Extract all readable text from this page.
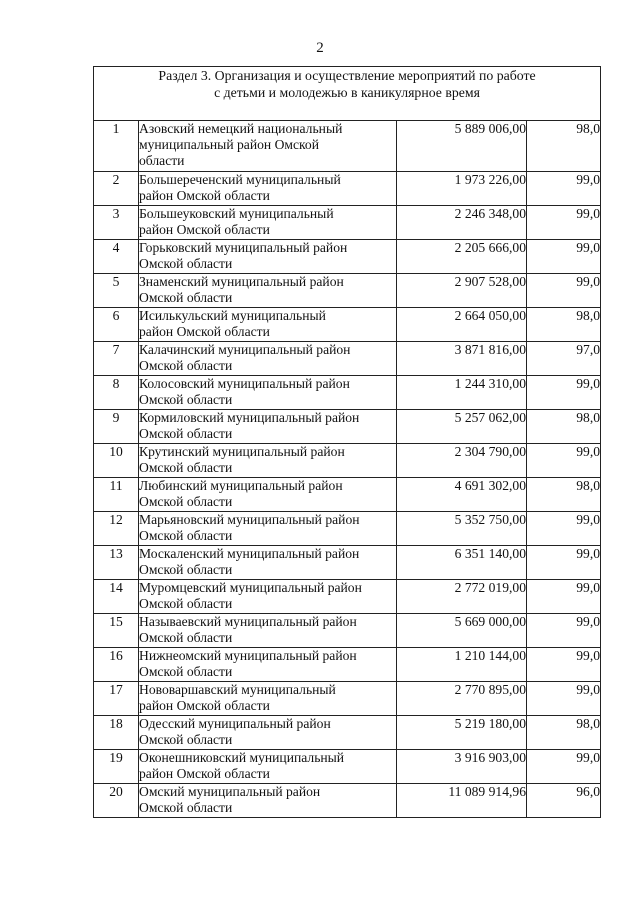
2
Раздел 3. Организация и осуществление мероприятий по работе
с детьми и молодежью в каникулярное время			

1	Азовский немецкий национальный
муниципальный район Омской
области	5 889 006,00	98,0
2	Большереченский муниципальный
район Омской области	1 973 226,00	99,0
3	Большеуковский муниципальный
район Омской области	2 246 348,00	99,0
4	Горьковский муниципальный район
Омской области	2 205 666,00	99,0
5	Знаменский муниципальный район
Омской области	2 907 528,00	99,0
6	Исилькульский муниципальный
район Омской области	2 664 050,00	98,0
7	Калачинский муниципальный район
Омской области	3 871 816,00	97,0
8	Колосовский муниципальный район
Омской области	1 244 310,00	99,0
9	Кормиловский муниципальный район
Омской области	5 257 062,00	98,0
10	Крутинский муниципальный район
Омской области	2 304 790,00	99,0
11	Любинский муниципальный район
Омской области	4 691 302,00	98,0
12	Марьяновский муниципальный район
Омской области	5 352 750,00	99,0
13	Москаленский муниципальный район
Омской области	6 351 140,00	99,0
14	Муромцевский муниципальный район
Омской области	2 772 019,00	99,0
15	Называевский муниципальный район
Омской области	5 669 000,00	99,0
16	Нижнеомский муниципальный район
Омской области	1 210 144,00	99,0
17	Нововаршавский муниципальный
район Омской области	2 770 895,00	99,0
18	Одесский муниципальный район
Омской области	5 219 180,00	98,0
19	Оконешниковский муниципальный
район Омской области	3 916 903,00	99,0
20	Омский муниципальный район
Омской области	11 089 914,96	96,0
